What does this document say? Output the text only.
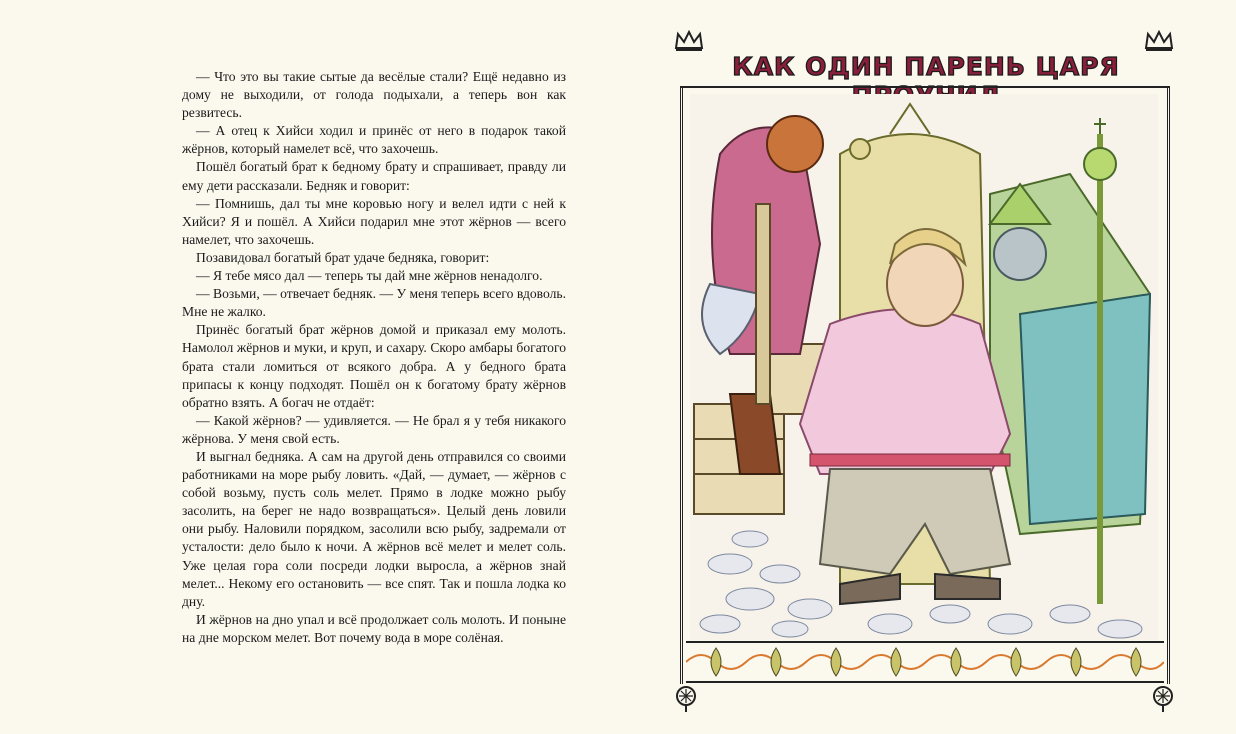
— Что это вы такие сытые да весёлые стали? Ещё недавно из дому не выходили, от голода подыхали, а теперь вон как резвитесь.

— А отец к Хийси ходил и принёс от него в подарок такой жёрнов, который намелет всё, что захочешь.

Пошёл богатый брат к бедному брату и спрашивает, правду ли ему дети рассказали. Бедняк и говорит:

— Помнишь, дал ты мне коровью ногу и велел идти с ней к Хийси? Я и пошёл. А Хийси подарил мне этот жёрнов — всего намелет, что захочешь.

Позавидовал богатый брат удаче бедняка, говорит:

— Я тебе мясо дал — теперь ты дай мне жёрнов ненадолго.

— Возьми, — отвечает бедняк. — У меня теперь всего вдоволь. Мне не жалко.

Принёс богатый брат жёрнов домой и приказал ему молоть. Намолол жёрнов и муки, и круп, и сахару. Скоро амбары богатого брата стали ломиться от всякого добра. А у бедного брата припасы к концу подходят. Пошёл он к богатому брату жёрнов обратно взять. А богач не отдаёт:

— Какой жёрнов? — удивляется. — Не брал я у тебя никакого жёрнова. У меня свой есть.

И выгнал бедняка. А сам на другой день отправился со своими работниками на море рыбу ловить. «Дай, — думает, — жёрнов с собой возьму, пусть соль мелет. Прямо в лодке можно рыбу засолить, на берег не надо возвращаться». Целый день ловили они рыбу. Наловили порядком, засолили всю рыбу, задремали от усталости: дело было к ночи. А жёрнов всё мелет и мелет соль. Уже целая гора соли посреди лодки выросла, а жёрнов знай мелет... Некому его остановить — все спят. Так и пошла лодка ко дну.

И жёрнов на дно упал и всё продолжает соль молоть. И поныне на дне морском мелет. Вот почему вода в море солёная.

КАК ОДИН ПАРЕНЬ ЦАРЯ
